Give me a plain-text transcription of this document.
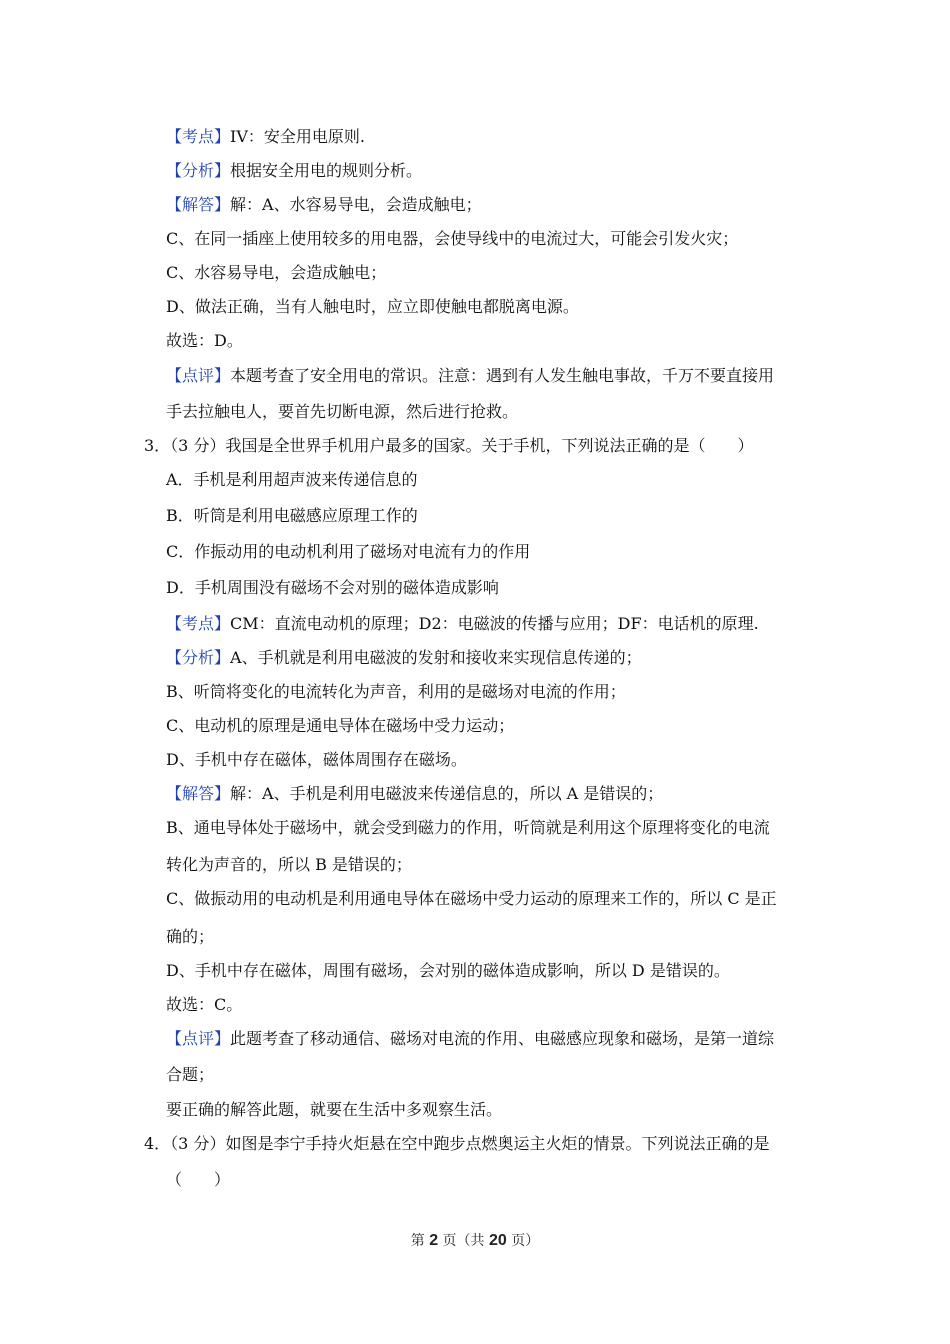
【考点】IV：安全用电原则.
【分析】根据安全用电的规则分析。
【解答】解：A、水容易导电，会造成触电；
C、在同一插座上使用较多的用电器，会使导线中的电流过大，可能会引发火灾；
C、水容易导电，会造成触电；
D、做法正确，当有人触电时，应立即使触电都脱离电源。
故选：D。
【点评】本题考查了安全用电的常识。注意：遇到有人发生触电事故，千万不要直接用
手去拉触电人，要首先切断电源，然后进行抢救。
3．（3 分）我国是全世界手机用户最多的国家。关于手机，下列说法正确的是（　　）
A．手机是利用超声波来传递信息的
B．听筒是利用电磁感应原理工作的
C．作振动用的电动机利用了磁场对电流有力的作用
D．手机周围没有磁场不会对别的磁体造成影响
【考点】CM：直流电动机的原理；D2：电磁波的传播与应用；DF：电话机的原理.
【分析】A、手机就是利用电磁波的发射和接收来实现信息传递的；
B、听筒将变化的电流转化为声音，利用的是磁场对电流的作用；
C、电动机的原理是通电导体在磁场中受力运动；
D、手机中存在磁体，磁体周围存在磁场。
【解答】解：A、手机是利用电磁波来传递信息的，所以 A 是错误的；
B、通电导体处于磁场中，就会受到磁力的作用，听筒就是利用这个原理将变化的电流
转化为声音的，所以 B 是错误的；
C、做振动用的电动机是利用通电导体在磁场中受力运动的原理来工作的，所以 C 是正
确的；
D、手机中存在磁体，周围有磁场，会对别的磁体造成影响，所以 D 是错误的。
故选：C。
【点评】此题考查了移动通信、磁场对电流的作用、电磁感应现象和磁场，是第一道综
合题；
要正确的解答此题，就要在生活中多观察生活。
4．（3 分）如图是李宁手持火炬悬在空中跑步点燃奥运主火炬的情景。下列说法正确的是
（　　）
第 2 页（共 20 页）
